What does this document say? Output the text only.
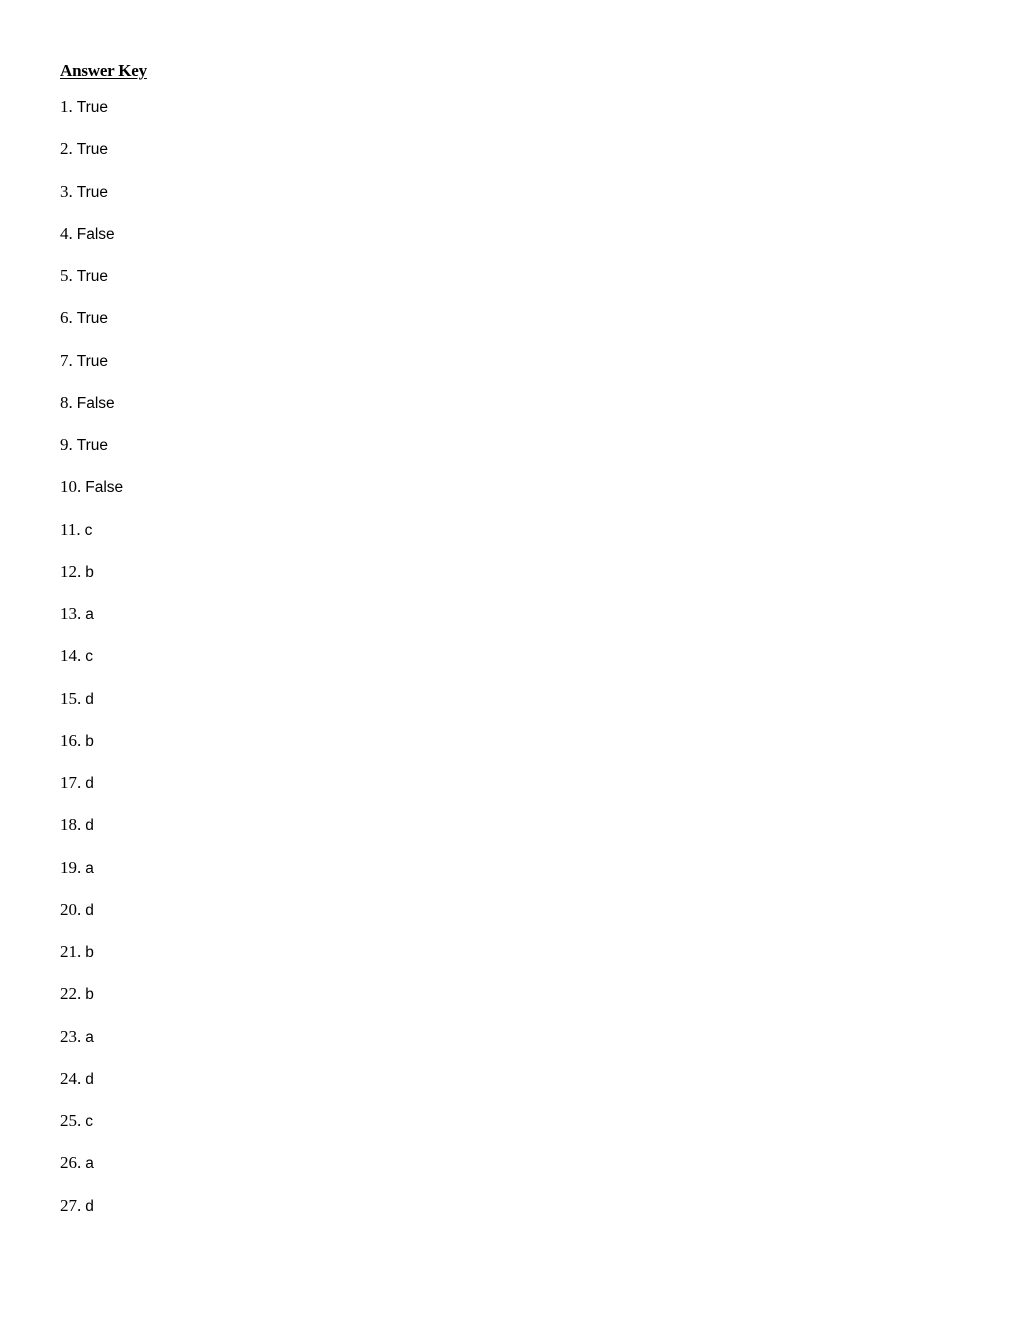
Answer Key
1. True
2. True
3. True
4. False
5. True
6. True
7. True
8. False
9. True
10. False
11. c
12. b
13. a
14. c
15. d
16. b
17. d
18. d
19. a
20. d
21. b
22. b
23. a
24. d
25. c
26. a
27. d
